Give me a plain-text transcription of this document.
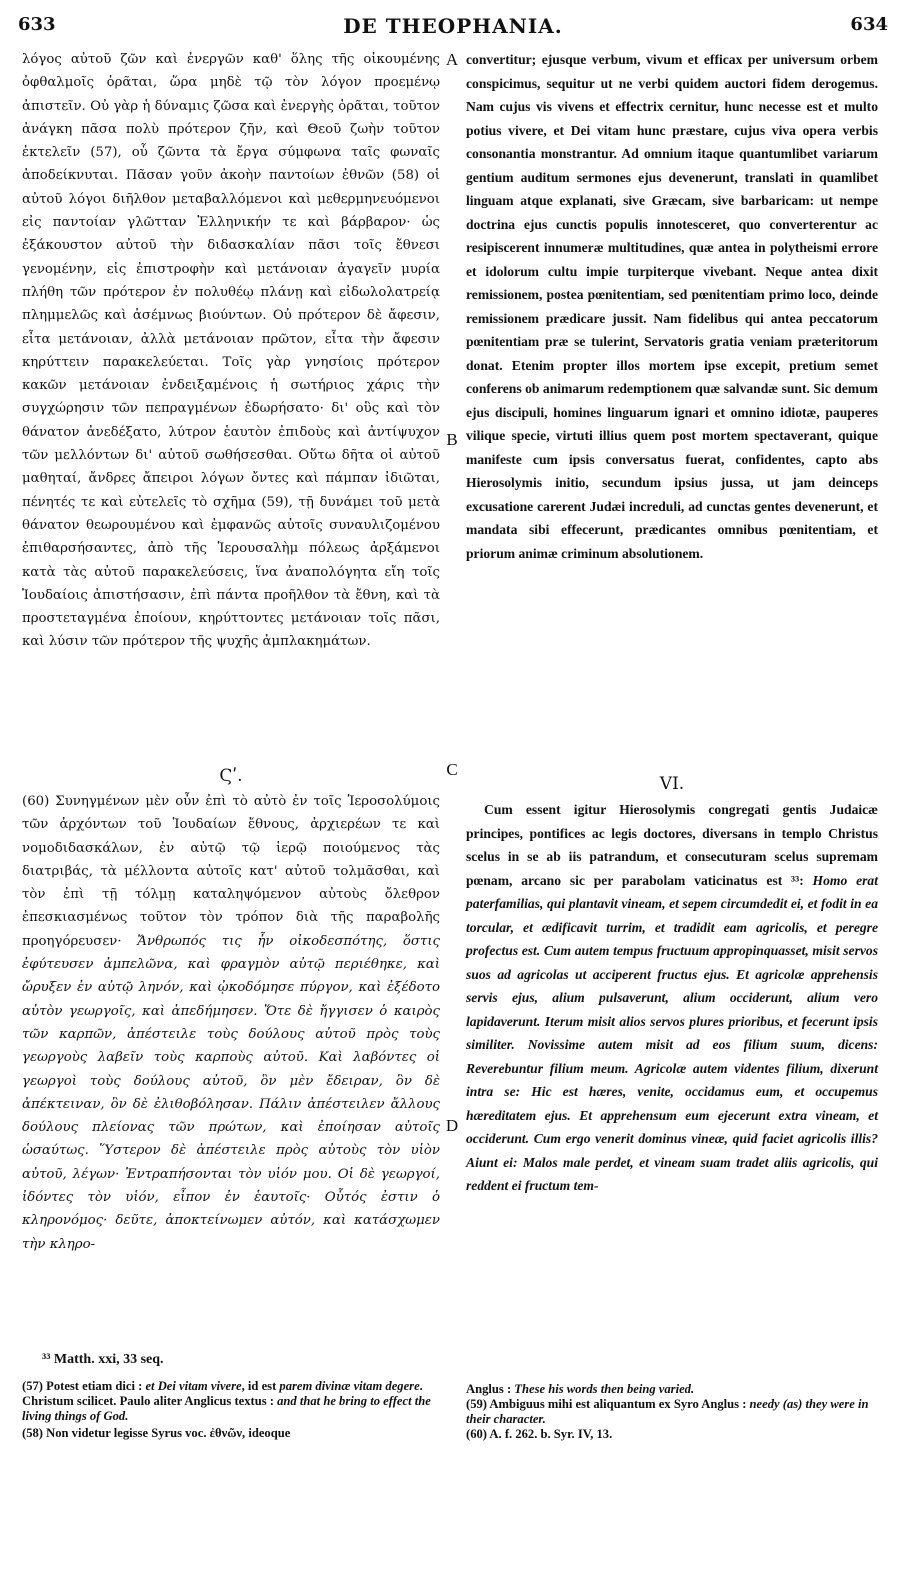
633	DE THEOPHANIA.	634

λόγος αὐτοῦ ζῶν καὶ ἐνεργῶν καθ' ὅλης τῆς οἰκουμένης ὀφθαλμοῖς ὁρᾶται, ὥρα μηδὲ τῷ τὸν λόγον προεμένῳ ἀπιστεῖν. Οὐ γὰρ ἡ δύναμις ζῶσα καὶ ἐνεργὴς ὁρᾶται, τοῦτον ἀνάγκη πᾶσα πολὺ πρότερον ζῆν, καὶ Θεοῦ ζωὴν τοῦτον ἐκτελεῖν (57), οὗ ζῶντα τὰ ἔργα σύμφωνα ταῖς φωναῖς ἀποδείκνυται. Πᾶσαν γοῦν ἀκοὴν παντοίων ἐθνῶν (58) οἱ αὐτοῦ λόγοι διῆλθον μεταβαλλόμενοι καὶ μεθερμηνευόμενοι εἰς παντοίαν γλῶτταν Ἑλληνικήν τε καὶ βάρβαρον· ὡς ἐξάκουστον αὐτοῦ τὴν διδασκαλίαν πᾶσι τοῖς ἔθνεσι γενομένην, εἰς ἐπιστροφὴν καὶ μετάνοιαν ἀγαγεῖν μυρία πλήθη τῶν πρότερον ἐν πολυθέῳ πλάνῃ καὶ εἰδωλολατρείᾳ πλημμελῶς καὶ ἀσέμνως βιούντων. Οὐ πρότερον δὲ ἄφεσιν, εἶτα μετάνοιαν, ἀλλὰ μετάνοιαν πρῶτον, εἶτα τὴν ἄφεσιν κηρύττειν παρακελεύεται. Τοῖς γὰρ γνησίοις πρότερον κακῶν μετάνοιαν ἐνδειξαμένοις ἡ σωτήριος χάρις τὴν συγχώρησιν τῶν πεπραγμένων ἐδωρήσατο· δι' οὓς καὶ τὸν θάνατον ἀνεδέξατο, λύτρον ἑαυτὸν ἐπιδοὺς καὶ ἀντίψυχον τῶν μελλόντων δι' αὐτοῦ σωθήσεσθαι. Οὕτω δῆτα οἱ αὐτοῦ μαθηταί, ἄνδρες ἄπειροι λόγων ὄντες καὶ πάμπαν ἰδιῶται, πένητές τε καὶ εὐτελεῖς τὸ σχῆμα (59), τῇ δυνάμει τοῦ μετὰ θάνατον θεωρουμένου καὶ ἐμφανῶς αὐτοῖς συναυλιζομένου ἐπιθαρσήσαντες, ἀπὸ τῆς Ἱερουσαλὴμ πόλεως ἀρξάμενοι κατὰ τὰς αὐτοῦ παρακελεύσεις, ἵνα ἀναπολόγητα εἴη τοῖς Ἰουδαίοις ἀπιστήσασιν, ἐπὶ πάντα προῆλθον τὰ ἔθνη, καὶ τὰ προστεταγμένα ἐποίουν, κηρύττοντες μετάνοιαν τοῖς πᾶσι, καὶ λύσιν τῶν πρότερον τῆς ψυχῆς ἀμπλακημάτων.

Ϛʹ.

(60) Συνηγμένων μὲν οὖν ἐπὶ τὸ αὐτὸ ἐν τοῖς Ἱεροσολύμοις τῶν ἀρχόντων τοῦ Ἰουδαίων ἔθνους, ἀρχιερέων τε καὶ νομοδιδασκάλων, ἐν αὐτῷ τῷ ἱερῷ ποιούμενος τὰς διατριβάς, τὰ μέλλοντα αὐτοῖς κατ' αὐτοῦ τολμᾶσθαι, καὶ τὸν ἐπὶ τῇ τόλμῃ καταληψόμενον αὐτοὺς ὄλεθρον ἐπεσκιασμένως τοῦτον τὸν τρόπον διὰ τῆς παραβολῆς προηγόρευσεν· Ἄνθρωπός τις ἦν οἰκοδεσπότης, ὅστις ἐφύτευσεν ἀμπελῶνα, καὶ φραγμὸν αὐτῷ περιέθηκε, καὶ ὤρυξεν ἐν αὐτῷ ληνόν, καὶ ᾠκοδόμησε πύργον, καὶ ἐξέδοτο αὐτὸν γεωργοῖς, καὶ ἀπεδήμησεν. Ὅτε δὲ ἤγγισεν ὁ καιρὸς τῶν καρπῶν, ἀπέστειλε τοὺς δούλους αὐτοῦ πρὸς τοὺς γεωργοὺς λαβεῖν τοὺς καρποὺς αὐτοῦ. Καὶ λαβόντες οἱ γεωργοὶ τοὺς δούλους αὐτοῦ, ὃν μὲν ἔδειραν, ὃν δὲ ἀπέκτειναν, ὃν δὲ ἐλιθοβόλησαν. Πάλιν ἀπέστειλεν ἄλλους δούλους πλείονας τῶν πρώτων, καὶ ἐποίησαν αὐτοῖς ὡσαύτως. Ὕστερον δὲ ἀπέστειλε πρὸς αὐτοὺς τὸν υἱὸν αὐτοῦ, λέγων· Ἐντραπήσονται τὸν υἱόν μου. Οἱ δὲ γεωργοί, ἰδόντες τὸν υἱόν, εἶπον ἐν ἑαυτοῖς· Οὗτός ἐστιν ὁ κληρονόμος· δεῦτε, ἀποκτείνωμεν αὐτόν, καὶ κατάσχωμεν τὴν κληρο-

A
B
C
D

convertitur; ejusque verbum, vivum et efficax per universum orbem conspicimus, sequitur ut ne verbi quidem auctori fidem derogemus. Nam cujus vis vivens et effectrix cernitur, hunc necesse est et multo potius vivere, et Dei vitam hunc præstare, cujus viva opera verbis consonantia monstrantur. Ad omnium itaque quantumlibet variarum gentium auditum sermones ejus devenerunt, translati in quamlibet linguam atque explanati, sive Græcam, sive barbaricam: ut nempe doctrina ejus cunctis populis innotesceret, quo converterentur ac resipiscerent innumeræ multitudines, quæ antea in polytheismi errore et idolorum cultu impie turpiterque vivebant. Neque antea dixit remissionem, postea pœnitentiam, sed pœnitentiam primo loco, deinde remissionem prædicare jussit. Nam fidelibus qui antea peccatorum pœnitentiam præ se tulerint, Servatoris gratia veniam præteritorum donat. Etenim propter illos mortem ipse excepit, pretium semet conferens ob animarum redemptionem quæ salvandæ sunt. Sic demum ejus discipuli, homines linguarum ignari et omnino idiotæ, pauperes vilique specie, virtuti illius quem post mortem spectaverant, quique manifeste cum ipsis conversatus fuerat, confidentes, capto abs Hierosolymis initio, secundum ipsius jussa, ut jam deinceps excusatione carerent Judæi increduli, ad cunctas gentes devenerunt, et mandata sibi effecerunt, prædicantes omnibus pœnitentiam, et priorum animæ criminum absolutionem.

VI.

Cum essent igitur Hierosolymis congregati gentis Judaicæ principes, pontifices ac legis doctores, diversans in templo Christus scelus in se ab iis patrandum, et consecuturam scelus supremam pœnam, arcano sic per parabolam vaticinatus est ³³: Homo erat paterfamilias, qui plantavit vineam, et sepem circumdedit ei, et fodit in ea torcular, et ædificavit turrim, et tradidit eam agricolis, et peregre profectus est. Cum autem tempus fructuum appropinquasset, misit servos suos ad agricolas ut acciperent fructus ejus. Et agricolæ apprehensis servis ejus, alium pulsaverunt, alium occiderunt, alium vero lapidaverunt. Iterum misit alios servos plures prioribus, et fecerunt ipsis similiter. Novissime autem misit ad eos filium suum, dicens: Reverebuntur filium meum. Agricolæ autem videntes filium, dixerunt intra se: Hic est hæres, venite, occidamus eum, et occupemus hæreditatem ejus. Et apprehensum eum ejecerunt extra vineam, et occiderunt. Cum ergo venerit dominus vineæ, quid faciet agricolis illis? Aiunt ei: Malos male perdet, et vineam suam tradet aliis agricolis, qui reddent ei fructum tem-

³³ Matth. xxi, 33 seq.

(57) Potest etiam dici : et Dei vitam vivere, id est parem divinæ vitam degere. Christum scilicet. Paulo aliter Anglicus textus : and that he bring to effect the living things of God.

(58) Non videtur legisse Syrus voc. ἐθνῶν, ideoque

Anglus : These his words then being varied.

(59) Ambiguus mihi est aliquantum ex Syro Anglus : needy (as) they were in their character.

(60) A. f. 262. b. Syr. IV, 13.
